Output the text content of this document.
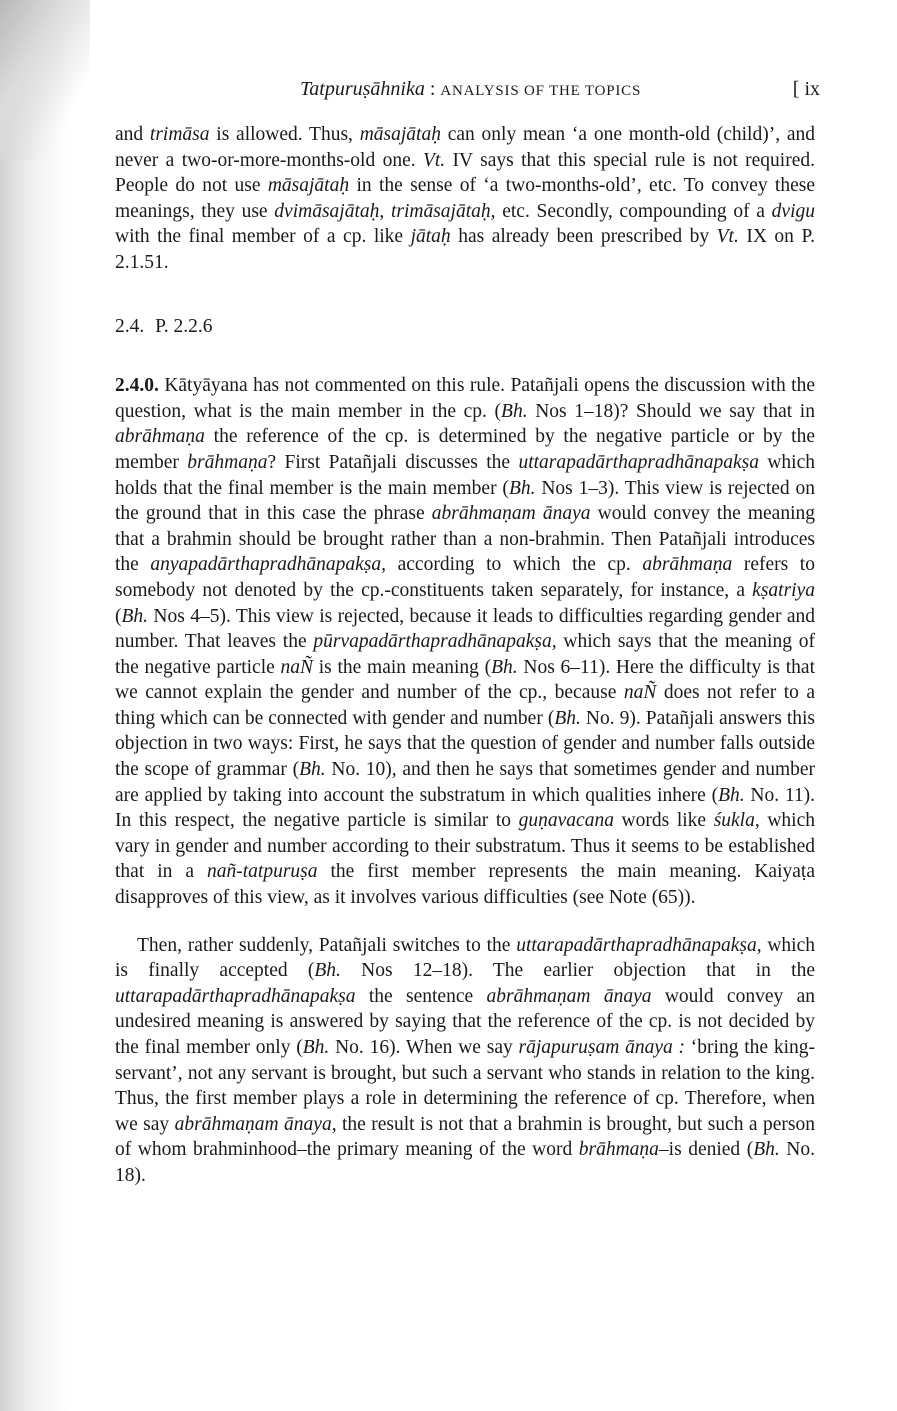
Tatpuruṣāhnika : ANALYSIS OF THE TOPICS	[ ix

and trimāsa is allowed. Thus, māsajātaḥ can only mean ‘a one month-old (child)’, and never a two-or-more-months-old one. Vt. IV says that this special rule is not required. People do not use māsajātaḥ in the sense of ‘a two-months-old’, etc. To convey these meanings, they use dvimāsajātaḥ, trimāsajātaḥ, etc. Secondly, compounding of a dvigu with the final member of a cp. like jātaḥ has already been prescribed by Vt. IX on P. 2.1.51.

2.4. P. 2.2.6

2.4.0. Kātyāyana has not commented on this rule. Patañjali opens the discussion with the question, what is the main member in the cp. (Bh. Nos 1–18)? Should we say that in abrāhmaṇa the reference of the cp. is determined by the negative particle or by the member brāhmaṇa? First Patañjali discusses the uttarapadārthapradhānapakṣa which holds that the final member is the main member (Bh. Nos 1–3). This view is rejected on the ground that in this case the phrase abrāhmaṇam ānaya would convey the meaning that a brahmin should be brought rather than a non-brahmin. Then Patañjali introduces the anyapadārthapradhānapakṣa, according to which the cp. abrāhmaṇa refers to somebody not denoted by the cp.-constituents taken separately, for instance, a kṣatriya (Bh. Nos 4–5). This view is rejected, because it leads to difficulties regarding gender and number. That leaves the pūrvapadārthapradhānapakṣa, which says that the meaning of the negative particle naÑ is the main meaning (Bh. Nos 6–11). Here the difficulty is that we cannot explain the gender and number of the cp., because naÑ does not refer to a thing which can be connected with gender and number (Bh. No. 9). Patañjali answers this objection in two ways: First, he says that the question of gender and number falls outside the scope of grammar (Bh. No. 10), and then he says that sometimes gender and number are applied by taking into account the substratum in which qualities inhere (Bh. No. 11). In this respect, the negative particle is similar to guṇavacana words like śukla, which vary in gender and number according to their substratum. Thus it seems to be established that in a nañ-tatpuruṣa the first member represents the main meaning. Kaiyaṭa disapproves of this view, as it involves various difficulties (see Note (65)).

Then, rather suddenly, Patañjali switches to the uttarapadārthapradhānapakṣa, which is finally accepted (Bh. Nos 12–18). The earlier objection that in the uttarapadārthapradhānapakṣa the sentence abrāhmaṇam ānaya would convey an undesired meaning is answered by saying that the reference of the cp. is not decided by the final member only (Bh. No. 16). When we say rājapuruṣam ānaya : ‘bring the king-servant’, not any servant is brought, but such a servant who stands in relation to the king. Thus, the first member plays a role in determining the reference of cp. Therefore, when we say abrāhmaṇam ānaya, the result is not that a brahmin is brought, but such a person of whom brahminhood–the primary meaning of the word brāhmaṇa–is denied (Bh. No. 18).
